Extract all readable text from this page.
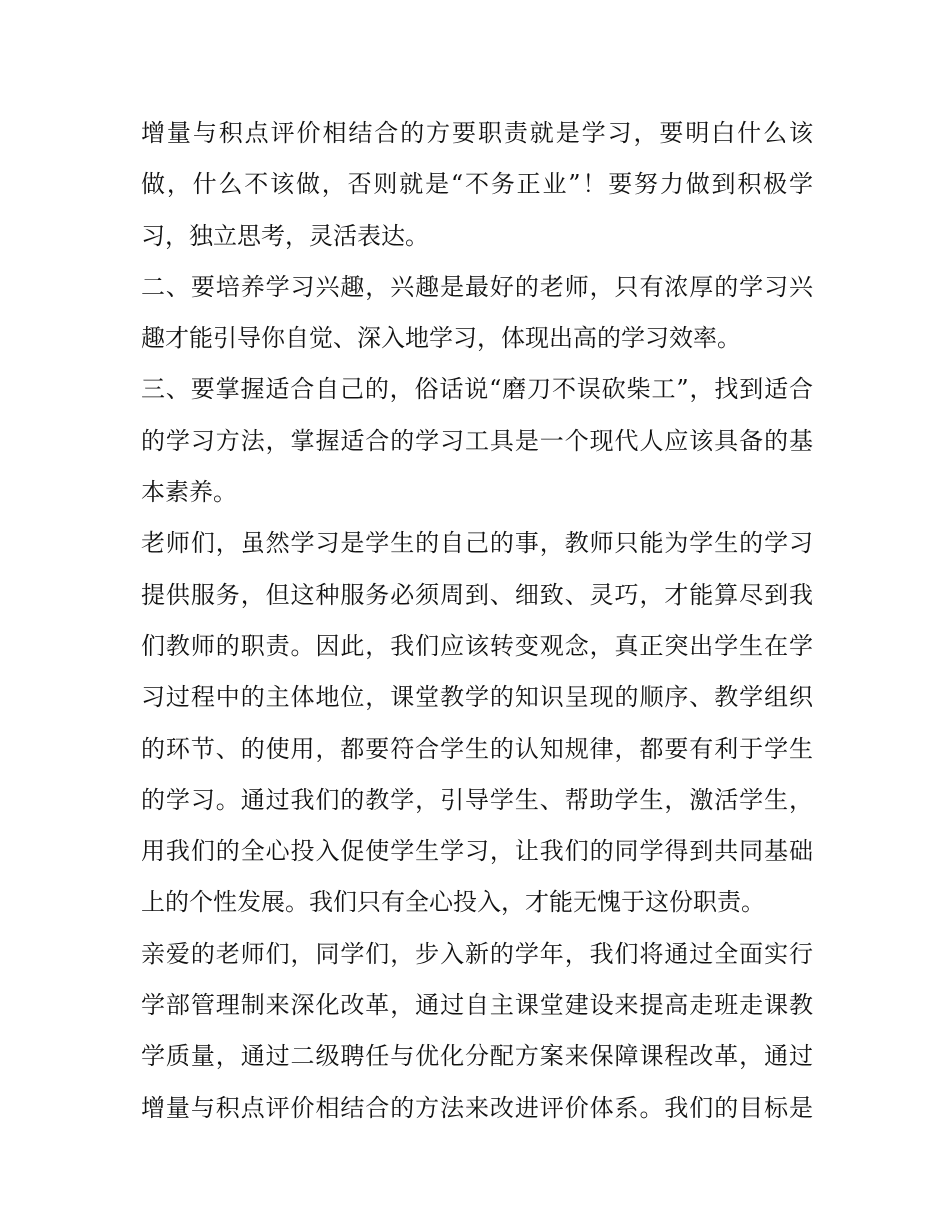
增量与积点评价相结合的方要职责就是学习，要明白什么该
做，什么不该做，否则就是“不务正业”！要努力做到积极学
习，独立思考，灵活表达。
二、要培养学习兴趣，兴趣是最好的老师，只有浓厚的学习兴
趣才能引导你自觉、深入地学习，体现出高的学习效率。
三、要掌握适合自己的，俗话说“磨刀不误砍柴工”，找到适合
的学习方法，掌握适合的学习工具是一个现代人应该具备的基
本素养。
老师们，虽然学习是学生的自己的事，教师只能为学生的学习
提供服务，但这种服务必须周到、细致、灵巧，才能算尽到我
们教师的职责。因此，我们应该转变观念，真正突出学生在学
习过程中的主体地位，课堂教学的知识呈现的顺序、教学组织
的环节、的使用，都要符合学生的认知规律，都要有利于学生
的学习。通过我们的教学，引导学生、帮助学生，激活学生，
用我们的全心投入促使学生学习，让我们的同学得到共同基础
上的个性发展。我们只有全心投入，才能无愧于这份职责。
亲爱的老师们，同学们，步入新的学年，我们将通过全面实行
学部管理制来深化改革，通过自主课堂建设来提高走班走课教
学质量，通过二级聘任与优化分配方案来保障课程改革，通过
增量与积点评价相结合的方法来改进评价体系。我们的目标是
